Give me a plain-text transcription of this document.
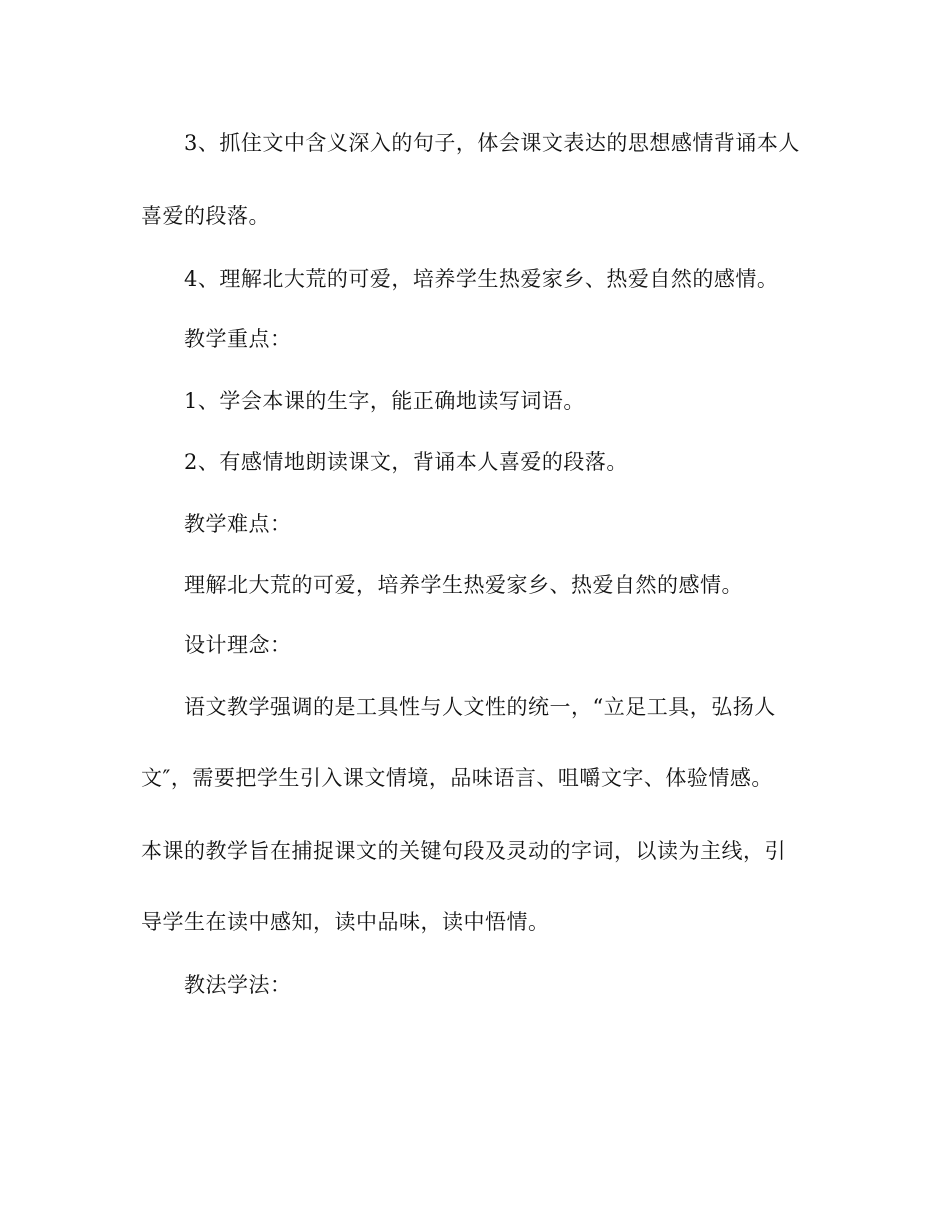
3、抓住文中含义深入的句子，体会课文表达的思想感情背诵本人
喜爱的段落。
4、理解北大荒的可爱，培养学生热爱家乡、热爱自然的感情。
教学重点：
1、学会本课的生字，能正确地读写词语。
2、有感情地朗读课文，背诵本人喜爱的段落。
教学难点：
理解北大荒的可爱，培养学生热爱家乡、热爱自然的感情。
设计理念：
语文教学强调的是工具性与人文性的统一，“立足工具，弘扬人
文″，需要把学生引入课文情境，品味语言、咀嚼文字、体验情感。
本课的教学旨在捕捉课文的关键句段及灵动的字词，以读为主线，引
导学生在读中感知，读中品味，读中悟情。
教法学法：
